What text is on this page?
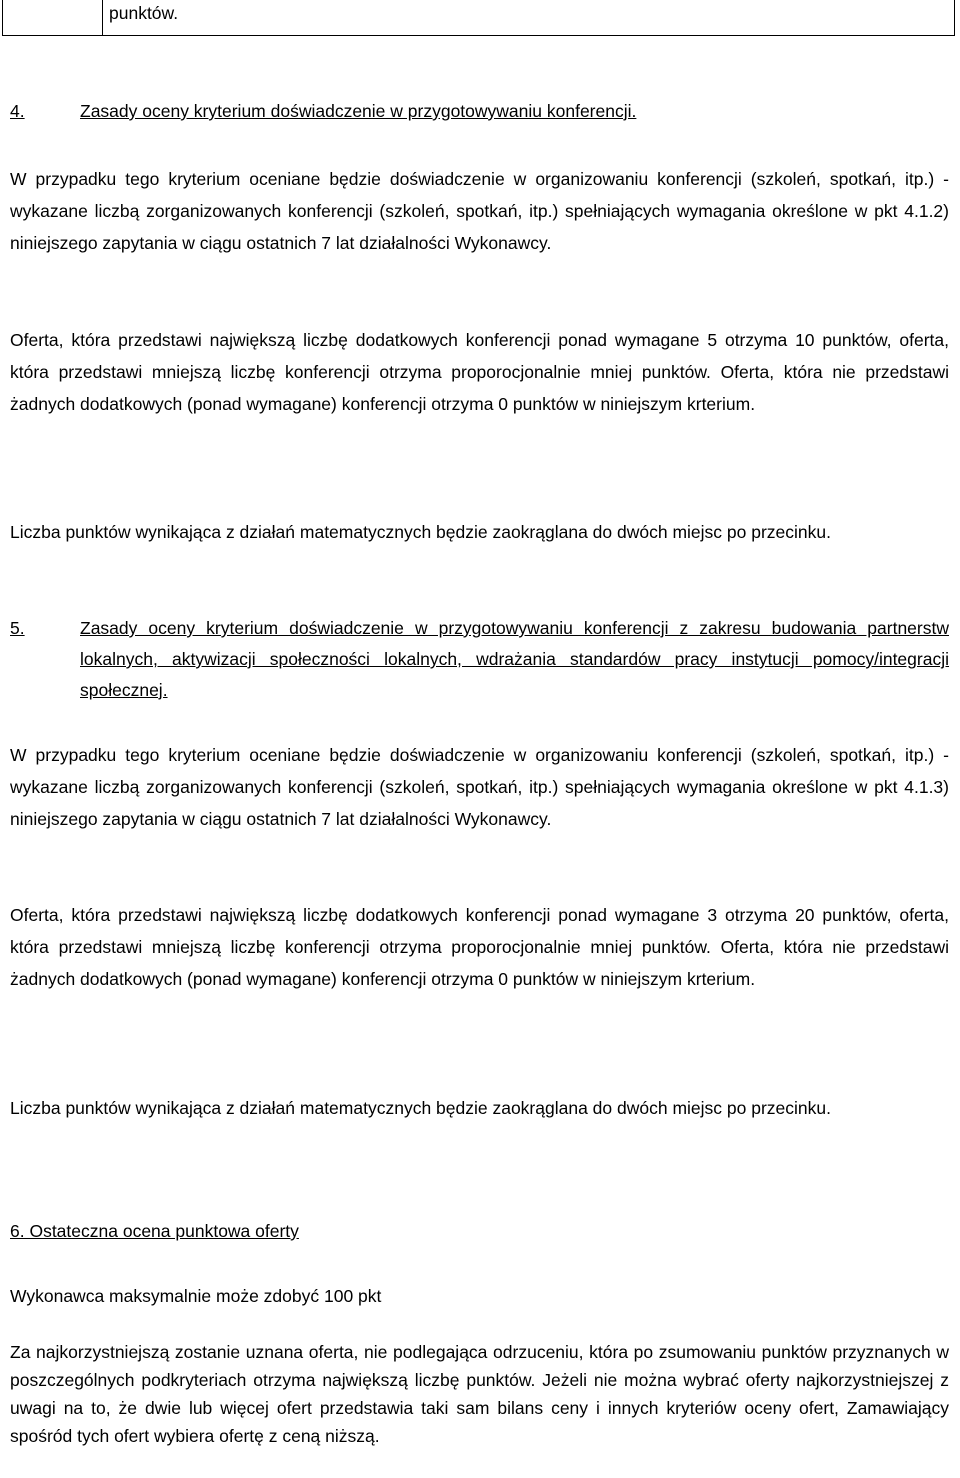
punktów.
4.	Zasady oceny kryterium doświadczenie w przygotowywaniu konferencji.

W przypadku tego kryterium oceniane będzie doświadczenie w organizowaniu konferencji (szkoleń, spotkań, itp.) - wykazane liczbą zorganizowanych konferencji (szkoleń, spotkań, itp.) spełniających wymagania określone w pkt 4.1.2) niniejszego zapytania w ciągu ostatnich 7 lat działalności Wykonawcy.

Oferta, która przedstawi największą liczbę dodatkowych konferencji ponad wymagane 5 otrzyma 10 punktów, oferta, która przedstawi mniejszą liczbę konferencji otrzyma proporocjonalnie mniej punktów. Oferta, która nie przedstawi żadnych dodatkowych (ponad wymagane) konferencji otrzyma 0 punktów w niniejszym krterium.

Liczba punktów wynikająca z działań matematycznych będzie zaokrąglana do dwóch miejsc po przecinku.

5.	Zasady oceny kryterium doświadczenie w przygotowywaniu konferencji z zakresu budowania partnerstw lokalnych, aktywizacji społeczności lokalnych, wdrażania standardów pracy instytucji pomocy/integracji społecznej.

W przypadku tego kryterium oceniane będzie doświadczenie w organizowaniu konferencji (szkoleń, spotkań, itp.) - wykazane liczbą zorganizowanych konferencji (szkoleń, spotkań, itp.) spełniających wymagania określone w pkt 4.1.3) niniejszego zapytania w ciągu ostatnich 7 lat działalności Wykonawcy.

Oferta, która przedstawi największą liczbę dodatkowych konferencji ponad wymagane 3 otrzyma 20 punktów, oferta, która przedstawi mniejszą liczbę konferencji otrzyma proporocjonalnie mniej punktów. Oferta, która nie przedstawi żadnych dodatkowych (ponad wymagane) konferencji otrzyma 0 punktów w niniejszym krterium.

Liczba punktów wynikająca z działań matematycznych będzie zaokrąglana do dwóch miejsc po przecinku.

6. Ostateczna ocena punktowa oferty

Wykonawca maksymalnie może zdobyć 100 pkt

Za najkorzystniejszą zostanie uznana oferta, nie podlegająca odrzuceniu, która po zsumowaniu punktów przyznanych w poszczególnych podkryteriach otrzyma największą liczbę punktów. Jeżeli nie można wybrać oferty najkorzystniejszej z uwagi na to, że dwie lub więcej ofert przedstawia taki sam bilans ceny i innych kryteriów oceny ofert, Zamawiający spośród tych ofert wybiera ofertę z ceną niższą.
